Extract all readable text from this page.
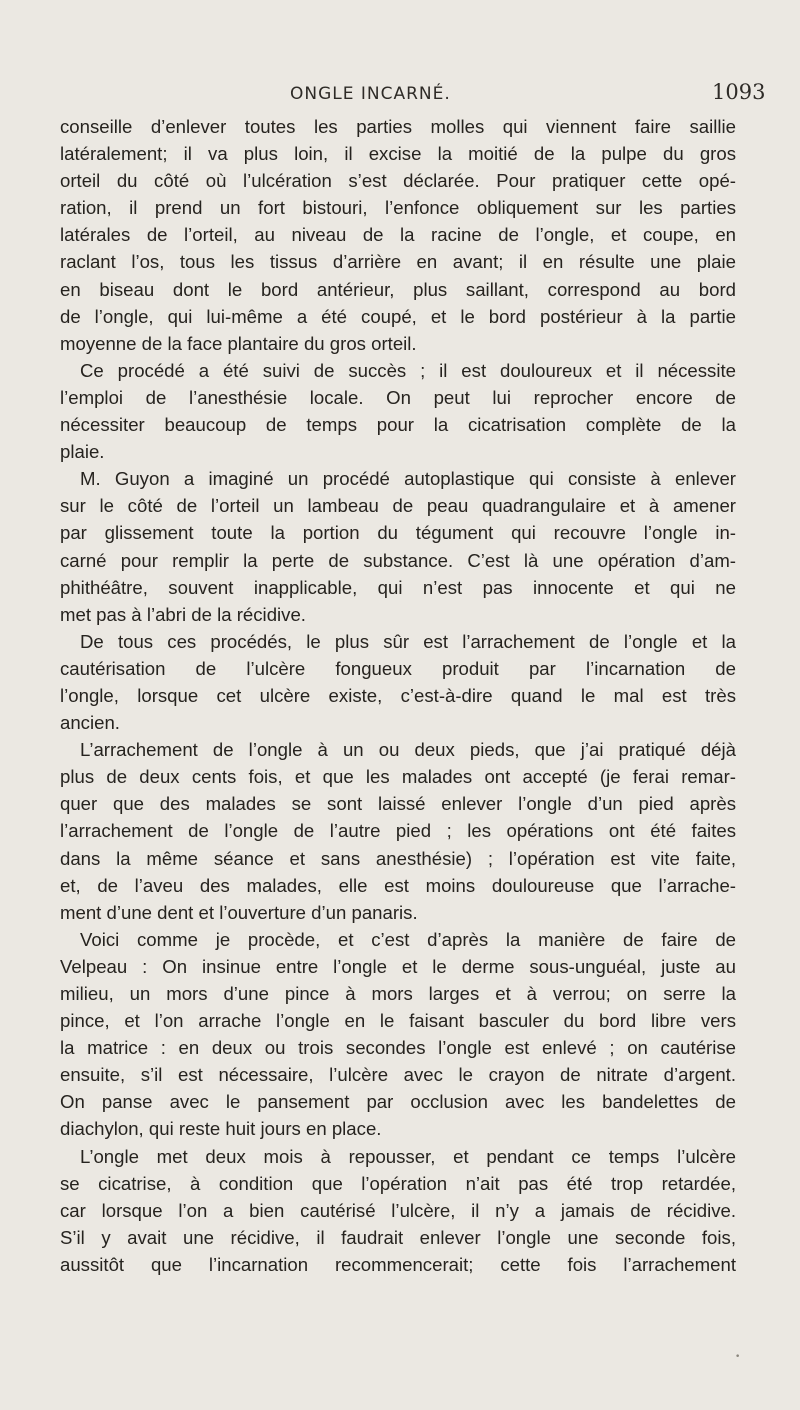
ONGLE INCARNÉ.	1093
conseille d’enlever toutes les parties molles qui viennent faire saillie
latéralement; il va plus loin, il excise la moitié de la pulpe du gros
orteil du côté où l’ulcération s’est déclarée. Pour pratiquer cette opé-
ration, il prend un fort bistouri, l’enfonce obliquement sur les parties
latérales de l’orteil, au niveau de la racine de l’ongle, et coupe, en
raclant l’os, tous les tissus d’arrière en avant; il en résulte une plaie
en biseau dont le bord antérieur, plus saillant, correspond au bord
de l’ongle, qui lui-même a été coupé, et le bord postérieur à la partie
moyenne de la face plantaire du gros orteil.
Ce procédé a été suivi de succès ; il est douloureux et il nécessite
l’emploi de l’anesthésie locale. On peut lui reprocher encore de
nécessiter beaucoup de temps pour la cicatrisation complète de la
plaie.
M. Guyon a imaginé un procédé autoplastique qui consiste à enlever
sur le côté de l’orteil un lambeau de peau quadrangulaire et à amener
par glissement toute la portion du tégument qui recouvre l’ongle in-
carné pour remplir la perte de substance. C’est là une opération d’am-
phithéâtre, souvent inapplicable, qui n’est pas innocente et qui ne
met pas à l’abri de la récidive.
De tous ces procédés, le plus sûr est l’arrachement de l’ongle et la
cautérisation de l’ulcère fongueux produit par l’incarnation de
l’ongle, lorsque cet ulcère existe, c’est-à-dire quand le mal est très
ancien.
L’arrachement de l’ongle à un ou deux pieds, que j’ai pratiqué déjà
plus de deux cents fois, et que les malades ont accepté (je ferai remar-
quer que des malades se sont laissé enlever l’ongle d’un pied après
l’arrachement de l’ongle de l’autre pied ; les opérations ont été faites
dans la même séance et sans anesthésie) ; l’opération est vite faite,
et, de l’aveu des malades, elle est moins douloureuse que l’arrache-
ment d’une dent et l’ouverture d’un panaris.
Voici comme je procède, et c’est d’après la manière de faire de
Velpeau : On insinue entre l’ongle et le derme sous-unguéal, juste au
milieu, un mors d’une pince à mors larges et à verrou; on serre la
pince, et l’on arrache l’ongle en le faisant basculer du bord libre vers
la matrice : en deux ou trois secondes l’ongle est enlevé ; on cautérise
ensuite, s’il est nécessaire, l’ulcère avec le crayon de nitrate d’argent.
On panse avec le pansement par occlusion avec les bandelettes de
diachylon, qui reste huit jours en place.
L’ongle met deux mois à repousser, et pendant ce temps l’ulcère
se cicatrise, à condition que l’opération n’ait pas été trop retardée,
car lorsque l’on a bien cautérisé l’ulcère, il n’y a jamais de récidive.
S’il y avait une récidive, il faudrait enlever l’ongle une seconde fois,
aussitôt que l’incarnation recommencerait; cette fois l’arrachement
•
